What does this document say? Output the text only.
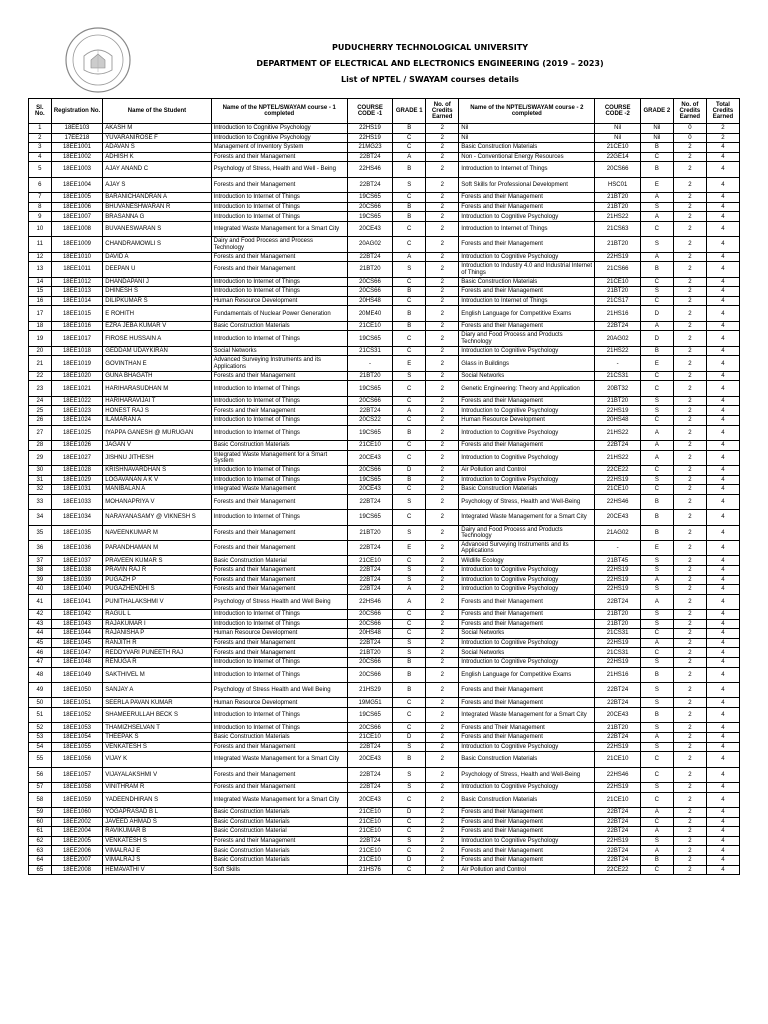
PUDUCHERRY TECHNOLOGICAL UNIVERSITY
DEPARTMENT OF ELECTRICAL AND ELECTRONICS ENGINEERING (2019 – 2023)
List of NPTEL / SWAYAM courses details
Sl. No.	Registration No.	Name of the Student	Name of the NPTEL/SWAYAM course - 1 completed	COURSE CODE -1	GRADE 1	No. of Credits Earned	Name of the NPTEL/SWAYAM course - 2 completed	COURSE CODE -2	GRADE 2	No. of Credits Earned	Total Credits Earned
1	18EE103	AKASH M	Introduction to Cognitive Psychology	22HS19	B	2	Nil	Nil	Nil	0	2
2	17EE218	YUVARANIROSE F	Introduction to Cognitive Psychology	22HS19	C	2	Nil	Nil	Nil	0	2
3	18EE1001	ADAVAN S	Management of Inventory System	21MG23	C	2	Basic Construction Materials	21CE10	B	2	4
4	18EE1002	ADHISH K	Forests and their Management	22BT24	A	2	Non - Conventional Energy Resources	22GE14	C	2	4
5	18EE1003	AJAY ANAND C	Psychology of Stress, Health and Well - Being	22HS46	B	2	Introduction to Internet of Things	20CS66	B	2	4
6	18EE1004	AJAY S	Forests and their Management	22BT24	S	2	Soft Skills for Professional Development	HSC01	E	2	4
7	18EE1005	BARANICHANDRAN A	Introduction to Internet of Things	19CS65	C	2	Forests and their Management	21BT20	A	2	4
8	18EE1006	BHUVANESHWARAN R	Introduction to Internet of Things	20CS66	B	2	Forests and their Management	21BT20	S	2	4
9	18EE1007	BRASANNA G	Introduction to Internet of Things	19CS65	B	2	Introduction to Cognitive Psychology	21HS22	A	2	4
10	18EE1008	BUVANESWARAN S	Integrated Waste Management for a Smart City	20CE43	C	2	Introduction to Internet of Things	21CS63	C	2	4
11	18EE1009	CHANDRAMOWLI S	Dairy and Food Process and Process Technology	20AG02	C	2	Forests and their Management	21BT20	S	2	4
12	18EE1010	DAVID A	Forests and their Management	22BT24	A	2	Introduction to Cognitive Psychology	22HS19	A	2	4
13	18EE1011	DEEPAN U	Forests and their Management	21BT20	S	2	Introduction to Industry 4.0 and Industrial Internet of Things	21CS66	B	2	4
14	18EE1012	DHANDAPANI J	Introduction to Internet of Things	20CS66	C	2	Basic Construction Materials	21CE10	C	2	4
15	18EE1013	DHINESH S	Introduction to Internet of Things	20CS66	B	2	Forests and their Management	21BT20	S	2	4
16	18EE1014	DILIPKUMAR S	Human Resource Development	20HS48	C	2	Introduction to Internet of Things	21CS17	C	2	4
17	18EE1015	E ROHITH	Fundamentals of Nuclear Power Generation	20ME40	B	2	English Language for Competitive Exams	21HS16	D	2	4
18	18EE1016	EZRA JEBA KUMAR V	Basic Construction Materials	21CE10	B	2	Forests and their Management	22BT24	A	2	4
19	18EE1017	FIROSE HUSSAIN A	Introduction to Internet of Things	19CS65	C	2	Diary and Food Process and Products Technology	20AG02	D	2	4
20	18EE1018	GEDDAM UDAYKIRAN	Social Networks	21CS31	C	2	Introduction to Cognitive Psychology	21HS22	B	2	4
21	18EE1019	GOVINTHAN E	Advanced Surveying Instruments and its Applications	-	E	2	Glass in Buildings	-	E	2	4
22	18EE1020	GUNA BHAGATH	Forests and their Management	21BT20	S	2	Social Networks	21CS31	C	2	4
23	18EE1021	HARIHARASUDHAN M	Introduction to Internet of Things	19CS65	C	2	Genetic Engineering: Theory and Application	20BT32	C	2	4
24	18EE1022	HARIHARAVIJAI T	Introduction to Internet of Things	20CS66	C	2	Forests and their Management	21BT20	S	2	4
25	18EE1023	HONEST RAJ S	Forests and their Management	22BT24	A	2	Introduction to Cognitive Psychology	22HS19	S	2	4
26	18EE1024	ILAMARAN A	Introduction to Internet of Things	20CS22	C	2	Human Resource Development	20HS48	C	2	4
27	18EE1025	IYAPPA GANESH @ MURUGAN	Introduction to Internet of Things	19CS65	B	2	Introduction to Cognitive Psychology	21HS22	A	2	4
28	18EE1026	JAGAN V	Basic Construction Materials	21CE10	C	2	Forests and their Management	22BT24	A	2	4
29	18EE1027	JISHNU JITHESH	Integrated Waste Management for a Smart System	20CE43	C	2	Introduction to Cognitive Psychology	21HS22	A	2	4
30	18EE1028	KRISHNAVARDHAN S	Introduction to Internet of Things	20CS66	D	2	Air Pollution and Control	22CE22	C	2	4
31	18EE1029	LOGAVANAN A K V	Introduction to Internet of Things	19CS65	B	2	Introduction to Cognitive Psychology	22HS19	S	2	4
32	18EE1031	MANIBALAN A	Integrated Waste Management	20CE43	C	2	Basic Construction Materials	21CE10	C	2	4
33	18EE1033	MOHANAPRIYA V	Forests and their Management	22BT24	S	2	Psychology of Stress, Health and Well-Being	22HS46	B	2	4
34	18EE1034	NARAYANASAMY @ VIKNESH S	Introduction to Internet of Things	19CS65	C	2	Integrated Waste Management for a Smart City	20CE43	B	2	4
35	18EE1035	NAVEENKUMAR M	Forests and their Management	21BT20	S	2	Dairy and Food Process and Products Technology	21AG02	B	2	4
36	18EE1036	PARANDHAMAN M	Forests and their Management	22BT24	E	2	Advanced Surveying Instruments and its Applications	-	E	2	4
37	18EE1037	PRAVEEN KUMAR S	Basic Construction Material	21CE10	C	2	Wildlife Ecology	21BT45	S	2	4
38	18EE1038	PRAVIN RAJ R	Forests and their Management	22BT24	S	2	Introduction to Cognitive Psychology	22HS19	S	2	4
39	18EE1039	PUGAZH P	Forests and their Management	22BT24	S	2	Introduction to Cognitive Psychology	22HS19	A	2	4
40	18EE1040	PUGAZHENDHI S	Forests and their Management	22BT24	A	2	Introduction to Cognitive Psychology	22HS19	S	2	4
41	18EE1041	PUNITHALAKSHMI V	Psychology of Stress Health and Well Being	22HS46	A	2	Forests and their Management	22BT24	A	2	4
42	18EE1042	RAGUL L	Introduction to Internet of Things	20CS66	C	2	Forests and their Management	21BT20	S	2	4
43	18EE1043	RAJAKUMAR I	Introduction to Internet of Things	20CS66	C	2	Forests and their Management	21BT20	S	2	4
44	18EE1044	RAJANISHA P	Human Resource Development	20HS48	C	2	Social Networks	21CS31	C	2	4
45	18EE1045	RANJITH R	Forests and their Management	22BT24	S	2	Introduction to Cognitive Psychology	22HS19	A	2	4
46	18EE1047	REDDYVARI PUNEETH RAJ	Forests and their Management	21BT20	S	2	Social Networks	21CS31	C	2	4
47	18EE1048	RENUGA R	Introduction to Internet of Things	20CS66	B	2	Introduction to Cognitive Psychology	22HS19	S	2	4
48	18EE1049	SAKTHIVEL M	Introduction to Internet of Things	20CS66	B	2	English Language for Competitive Exams	21HS16	B	2	4
49	18EE1050	SANJAY A	Psychology of Stress Health and Well Being	21HS29	B	2	Forests and their Management	22BT24	S	2	4
50	18EE1051	SEERLA PAVAN KUMAR	Human Resource Development	19MG51	C	2	Forests and their Management	22BT24	S	2	4
51	18EE1052	SHAMEERULLAH BECK S	Introduction to Internet of Things	19CS65	C	2	Integrated Waste Management for a Smart City	20CE43	B	2	4
52	18EE1053	THAMIZHSELVAN T	Introduction to Internet of Things	20CS66	C	2	Forests and Their Management	21BT20	S	2	4
53	18EE1054	THEEPAK S	Basic Construction Materials	21CE10	D	2	Forests and their Management	22BT24	A	2	4
54	18EE1055	VENKATESH S	Forests and their Management	22BT24	S	2	Introduction to Cognitive Psychology	22HS19	S	2	4
55	18EE1056	VIJAY K	Integrated Waste Management for a Smart City	20CE43	B	2	Basic Construction Materials	21CE10	C	2	4
56	18EE1057	VIJAYALAKSHMI V	Forests and their Management	22BT24	S	2	Psychology of Stress, Health and Well-Being	22HS46	C	2	4
57	18EE1058	VINITHRAM R	Forests and their Management	22BT24	S	2	Introduction to Cognitive Psychology	22HS19	S	2	4
58	18EE1059	YADEENDHIRAN S	Integrated Waste Management for a Smart City	20CE43	C	2	Basic Construction Materials	21CE10	C	2	4
59	18EE1060	YOGAPRASAD B L	Basic Construction Materials	21CE10	D	2	Forests and their Management	22BT24	A	2	4
60	18EE2002	JAVEED AHMAD S	Basic Construction Materials	21CE10	C	2	Forests and their Management	22BT24	C	2	4
61	18EE2004	RAVIKUMAR B	Basic Construction Material	21CE10	C	2	Forests and their Management	22BT24	A	2	4
62	18EE2005	VENKATESH S	Forests and their Management	22BT24	S	2	Introduction to Cognitive Psychology	22HS19	S	2	4
63	18EE2006	VIMALRAJ E	Basic Construction Materials	21CE10	C	2	Forests and their Management	22BT24	A	2	4
64	18EE2007	VIMALRAJ S	Basic Construction Materials	21CE10	D	2	Forests and their Management	22BT24	B	2	4
65	18EE2008	HEMAVATHI V	Soft Skills	21HS76	C	2	Air Pollution and Control	22CE22	C	2	4
